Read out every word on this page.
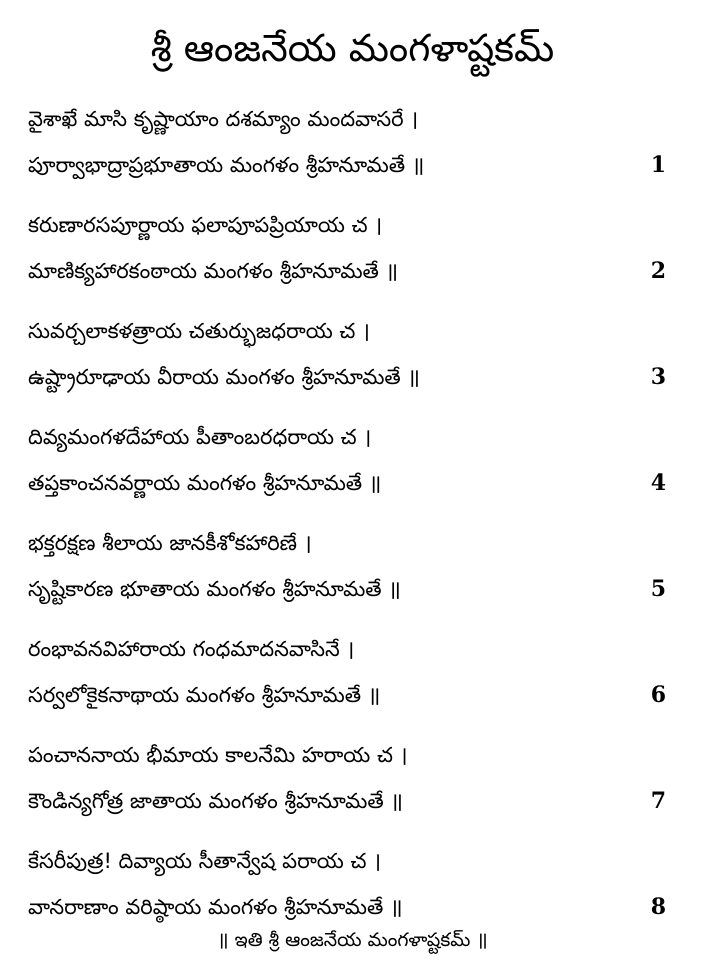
శ్రీ ఆంజనేయ మంగళాష్టకమ్
వైశాఖే మాసి కృష్ణాయాం దశమ్యాం మందవాసరే ।
పూర్వాభాద్రాప్రభూతాయ మంగళం శ్రీహనూమతే ॥	1
కరుణారసపూర్ణాయ ఫలాపూపప్రియాయ చ ।
మాణిక్యహారకంఠాయ మంగళం శ్రీహనూమతే ॥	2
సువర్చలాకళత్రాయ చతుర్భుజధరాయ చ ।
ఉష్ట్రారూఢాయ వీరాయ మంగళం శ్రీహనూమతే ॥	3
దివ్యమంగళదేహాయ పీతాంబరధరాయ చ ।
తప్తకాంచనవర్ణాయ మంగళం శ్రీహనూమతే ॥	4
భక్తరక్షణ శీలాయ జానకీశోకహారిణే ।
సృష్టికారణ భూతాయ మంగళం శ్రీహనూమతే ॥	5
రంభావనవిహారాయ గంధమాదనవాసినే ।
సర్వలోకైకనాథాయ మంగళం శ్రీహనూమతే ॥	6
పంచాననాయ భీమాయ కాలనేమి హరాయ చ ।
కౌండిన్యగోత్ర జాతాయ మంగళం శ్రీహనూమతే ॥	7
కేసరీపుత్ర! దివ్యాయ సీతాన్వేష పరాయ చ ।
వానరాణాం వరిష్ఠాయ మంగళం శ్రీహనూమతే ॥	8
॥ ఇతి శ్రీ ఆంజనేయ మంగళాష్టకమ్ ॥
